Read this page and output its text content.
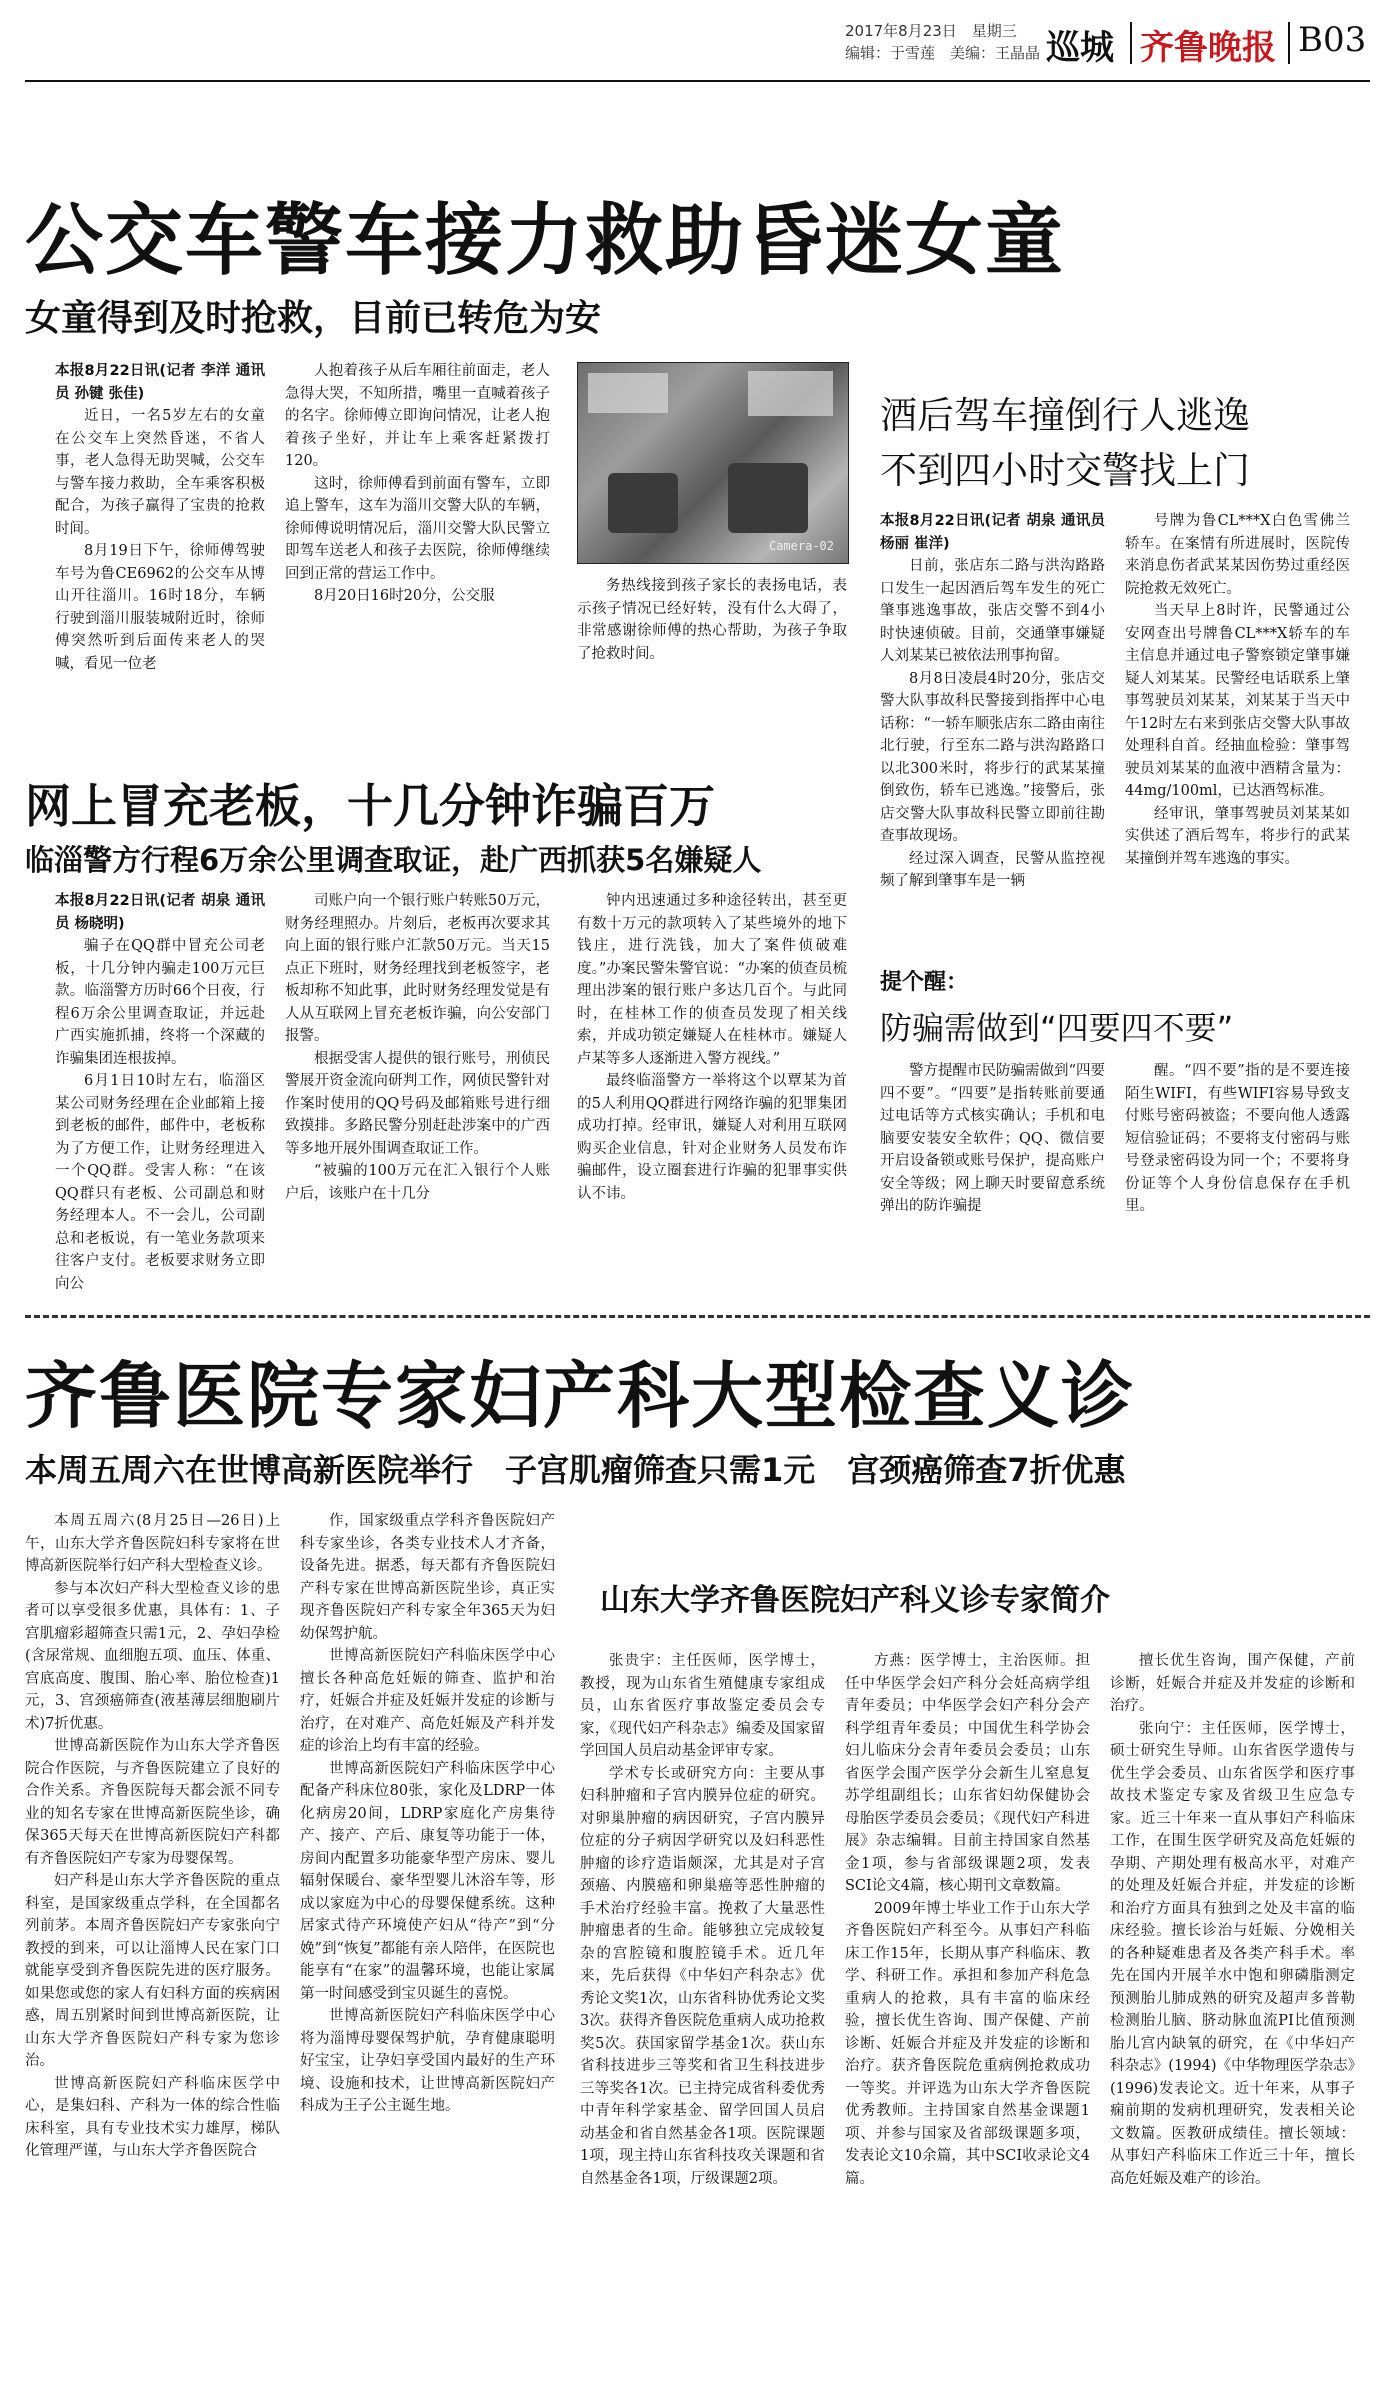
2017年8月23日　星期三
编辑：于雪莲　美编：王晶晶 巡城 齐鲁晚报 B03
公交车警车接力救助昏迷女童
女童得到及时抢救，目前已转危为安

本报8月22日讯(记者 李洋 通讯员 孙键 张佳)

近日，一名5岁左右的女童在公交车上突然昏迷，不省人事，老人急得无助哭喊，公交车与警车接力救助，全车乘客积极配合，为孩子赢得了宝贵的抢救时间。

8月19日下午，徐师傅驾驶车号为鲁CE6962的公交车从博山开往淄川。16时18分，车辆行驶到淄川服装城附近时，徐师傅突然听到后面传来老人的哭喊，看见一位老

人抱着孩子从后车厢往前面走，老人急得大哭，不知所措，嘴里一直喊着孩子的名字。徐师傅立即询问情况，让老人抱着孩子坐好，并让车上乘客赶紧拨打120。

这时，徐师傅看到前面有警车，立即追上警车，这车为淄川交警大队的车辆，徐师傅说明情况后，淄川交警大队民警立即驾车送老人和孩子去医院，徐师傅继续回到正常的营运工作中。

8月20日16时20分，公交服

Camera-02

务热线接到孩子家长的表扬电话，表示孩子情况已经好转，没有什么大碍了，非常感谢徐师傅的热心帮助，为孩子争取了抢救时间。

酒后驾车撞倒行人逃逸
不到四小时交警找上门

本报8月22日讯(记者 胡泉 通讯员 杨丽 崔洋)

日前，张店东二路与洪沟路路口发生一起因酒后驾车发生的死亡肇事逃逸事故，张店交警不到4小时快速侦破。目前，交通肇事嫌疑人刘某某已被依法刑事拘留。

8月8日凌晨4时20分，张店交警大队事故科民警接到指挥中心电话称：“一轿车顺张店东二路由南往北行驶，行至东二路与洪沟路路口以北300米时，将步行的武某某撞倒致伤，轿车已逃逸。”接警后，张店交警大队事故科民警立即前往勘查事故现场。

经过深入调查，民警从监控视频了解到肇事车是一辆

号牌为鲁CL***X白色雪佛兰轿车。在案情有所进展时，医院传来消息伤者武某某因伤势过重经医院抢救无效死亡。

当天早上8时许，民警通过公安网查出号牌鲁CL***X轿车的车主信息并通过电子警察锁定肇事嫌疑人刘某某。民警经电话联系上肇事驾驶员刘某某，刘某某于当天中午12时左右来到张店交警大队事故处理科自首。经抽血检验：肇事驾驶员刘某某的血液中酒精含量为：44mg/100ml，已达酒驾标准。

经审讯，肇事驾驶员刘某某如实供述了酒后驾车，将步行的武某某撞倒并驾车逃逸的事实。

提个醒：
防骗需做到“四要四不要”

警方提醒市民防骗需做到“四要四不要”。“四要”是指转账前要通过电话等方式核实确认；手机和电脑要安装安全软件；QQ、微信要开启设备锁或账号保护，提高账户安全等级；网上聊天时要留意系统弹出的防诈骗提

醒。“四不要”指的是不要连接陌生WIFI，有些WIFI容易导致支付账号密码被盗；不要向他人透露短信验证码；不要将支付密码与账号登录密码设为同一个；不要将身份证等个人身份信息保存在手机里。

网上冒充老板，十几分钟诈骗百万
临淄警方行程6万余公里调查取证，赴广西抓获5名嫌疑人

本报8月22日讯(记者 胡泉 通讯员 杨晓明)

骗子在QQ群中冒充公司老板，十几分钟内骗走100万元巨款。临淄警方历时66个日夜，行程6万余公里调查取证，并远赴广西实施抓捕，终将一个深藏的诈骗集团连根拔掉。

6月1日10时左右，临淄区某公司财务经理在企业邮箱上接到老板的邮件，邮件中，老板称为了方便工作，让财务经理进入一个QQ群。受害人称：“在该QQ群只有老板、公司副总和财务经理本人。不一会儿，公司副总和老板说，有一笔业务款项来往客户支付。老板要求财务立即向公

司账户向一个银行账户转账50万元，财务经理照办。片刻后，老板再次要求其向上面的银行账户汇款50万元。当天15点正下班时，财务经理找到老板签字，老板却称不知此事，此时财务经理发觉是有人从互联网上冒充老板诈骗，向公安部门报警。

根据受害人提供的银行账号，刑侦民警展开资金流向研判工作，网侦民警针对作案时使用的QQ号码及邮箱账号进行细致摸排。多路民警分别赶赴涉案中的广西等多地开展外围调查取证工作。

“被骗的100万元在汇入银行个人账户后，该账户在十几分

钟内迅速通过多种途径转出，甚至更有数十万元的款项转入了某些境外的地下钱庄，进行洗钱，加大了案件侦破难度。”办案民警朱警官说：“办案的侦查员梳理出涉案的银行账户多达几百个。与此同时，在桂林工作的侦查员发现了相关线索，并成功锁定嫌疑人在桂林市。嫌疑人卢某等多人逐渐进入警方视线。”

最终临淄警方一举将这个以覃某为首的5人利用QQ群进行网络诈骗的犯罪集团成功打掉。经审讯，嫌疑人对利用互联网购买企业信息，针对企业财务人员发布诈骗邮件，设立圈套进行诈骗的犯罪事实供认不讳。

齐鲁医院专家妇产科大型检查义诊
本周五周六在世博高新医院举行　子宫肌瘤筛查只需1元　宫颈癌筛查7折优惠

本周五周六(8月25日—26日)上午，山东大学齐鲁医院妇科专家将在世博高新医院举行妇产科大型检查义诊。

参与本次妇产科大型检查义诊的患者可以享受很多优惠，具体有：1、子宫肌瘤彩超筛查只需1元，2、孕妇孕检(含尿常规、血细胞五项、血压、体重、宫底高度、腹围、胎心率、胎位检查)1元，3、宫颈癌筛查(液基薄层细胞刷片术)7折优惠。

世博高新医院作为山东大学齐鲁医院合作医院，与齐鲁医院建立了良好的合作关系。齐鲁医院每天都会派不同专业的知名专家在世博高新医院坐诊，确保365天每天在世博高新医院妇产科都有齐鲁医院妇产专家为母婴保驾。

妇产科是山东大学齐鲁医院的重点科室，是国家级重点学科，在全国都名列前茅。本周齐鲁医院妇产专家张向宁教授的到来，可以让淄博人民在家门口就能享受到齐鲁医院先进的医疗服务。如果您或您的家人有妇科方面的疾病困惑，周五别紧时间到世博高新医院，让山东大学齐鲁医院妇产科专家为您诊治。

世博高新医院妇产科临床医学中心，是集妇科、产科为一体的综合性临床科室，具有专业技术实力雄厚，梯队化管理严谨，与山东大学齐鲁医院合

作，国家级重点学科齐鲁医院妇产科专家坐诊，各类专业技术人才齐备，设备先进。据悉，每天都有齐鲁医院妇产科专家在世博高新医院坐诊，真正实现齐鲁医院妇产科专家全年365天为妇幼保驾护航。

世博高新医院妇产科临床医学中心擅长各种高危妊娠的筛查、监护和治疗，妊娠合并症及妊娠并发症的诊断与治疗，在对难产、高危妊娠及产科并发症的诊治上均有丰富的经验。

世博高新医院妇产科临床医学中心配备产科床位80张，家化及LDRP一体化病房20间，LDRP家庭化产房集待产、接产、产后、康复等功能于一体，房间内配置多功能豪华型产房床、婴儿辐射保暖台、豪华型婴儿沐浴车等，形成以家庭为中心的母婴保健系统。这种居家式待产环境使产妇从“待产”到“分娩”到“恢复”都能有亲人陪伴，在医院也能享有“在家”的温馨环境，也能让家属第一时间感受到宝贝诞生的喜悦。

世博高新医院妇产科临床医学中心将为淄博母婴保驾护航，孕育健康聪明好宝宝，让孕妇享受国内最好的生产环境、设施和技术，让世博高新医院妇产科成为王子公主诞生地。

山东大学齐鲁医院妇产科义诊专家简介

张贵宇：主任医师，医学博士，教授，现为山东省生殖健康专家组成员，山东省医疗事故鉴定委员会专家，《现代妇产科杂志》编委及国家留学回国人员启动基金评审专家。

学术专长或研究方向：主要从事妇科肿瘤和子宫内膜异位症的研究。对卵巢肿瘤的病因研究，子宫内膜异位症的分子病因学研究以及妇科恶性肿瘤的诊疗造诣颇深，尤其是对子宫颈癌、内膜癌和卵巢癌等恶性肿瘤的手术治疗经验丰富。挽救了大量恶性肿瘤患者的生命。能够独立完成较复杂的宫腔镜和腹腔镜手术。近几年来，先后获得《中华妇产科杂志》优秀论文奖1次，山东省科协优秀论文奖3次。获得齐鲁医院危重病人成功抢救奖5次。获国家留学基金1次。获山东省科技进步三等奖和省卫生科技进步三等奖各1次。已主持完成省科委优秀中青年科学家基金、留学回国人员启动基金和省自然基金各1项。医院课题1项，现主持山东省科技攻关课题和省自然基金各1项，厅级课题2项。

方燕：医学博士，主治医师。担任中华医学会妇产科分会妊高病学组青年委员；中华医学会妇产科分会产科学组青年委员；中国优生科学协会妇儿临床分会青年委员会委员；山东省医学会围产医学分会新生儿窒息复苏学组副组长；山东省妇幼保健协会母胎医学委员会委员；《现代妇产科进展》杂志编辑。目前主持国家自然基金1项，参与省部级课题2项，发表SCI论文4篇，核心期刊文章数篇。

2009年博士毕业工作于山东大学齐鲁医院妇产科至今。从事妇产科临床工作15年，长期从事产科临床、教学、科研工作。承担和参加产科危急重病人的抢救，具有丰富的临床经验，擅长优生咨询、围产保健、产前诊断、妊娠合并症及并发症的诊断和治疗。获齐鲁医院危重病例抢救成功一等奖。并评选为山东大学齐鲁医院优秀教师。主持国家自然基金课题1项、并参与国家及省部级课题多项，发表论文10余篇，其中SCI收录论文4篇。

擅长优生咨询，围产保健，产前诊断，妊娠合并症及并发症的诊断和治疗。

张向宁：主任医师，医学博士，硕士研究生导师。山东省医学遗传与优生学会委员、山东省医学和医疗事故技术鉴定专家及省级卫生应急专家。近三十年来一直从事妇产科临床工作，在围生医学研究及高危妊娠的孕期、产期处理有极高水平，对难产的处理及妊娠合并症，并发症的诊断和治疗方面具有独到之处及丰富的临床经验。擅长诊治与妊娠、分娩相关的各种疑难患者及各类产科手术。率先在国内开展羊水中饱和卵磷脂测定预测胎儿肺成熟的研究及超声多普勒检测胎儿脑、脐动脉血流PI比值预测胎儿宫内缺氧的研究，在《中华妇产科杂志》(1994)《中华物理医学杂志》(1996)发表论文。近十年来，从事子痫前期的发病机理研究，发表相关论文数篇。医教研成绩佳。擅长领域：从事妇产科临床工作近三十年，擅长高危妊娠及难产的诊治。
